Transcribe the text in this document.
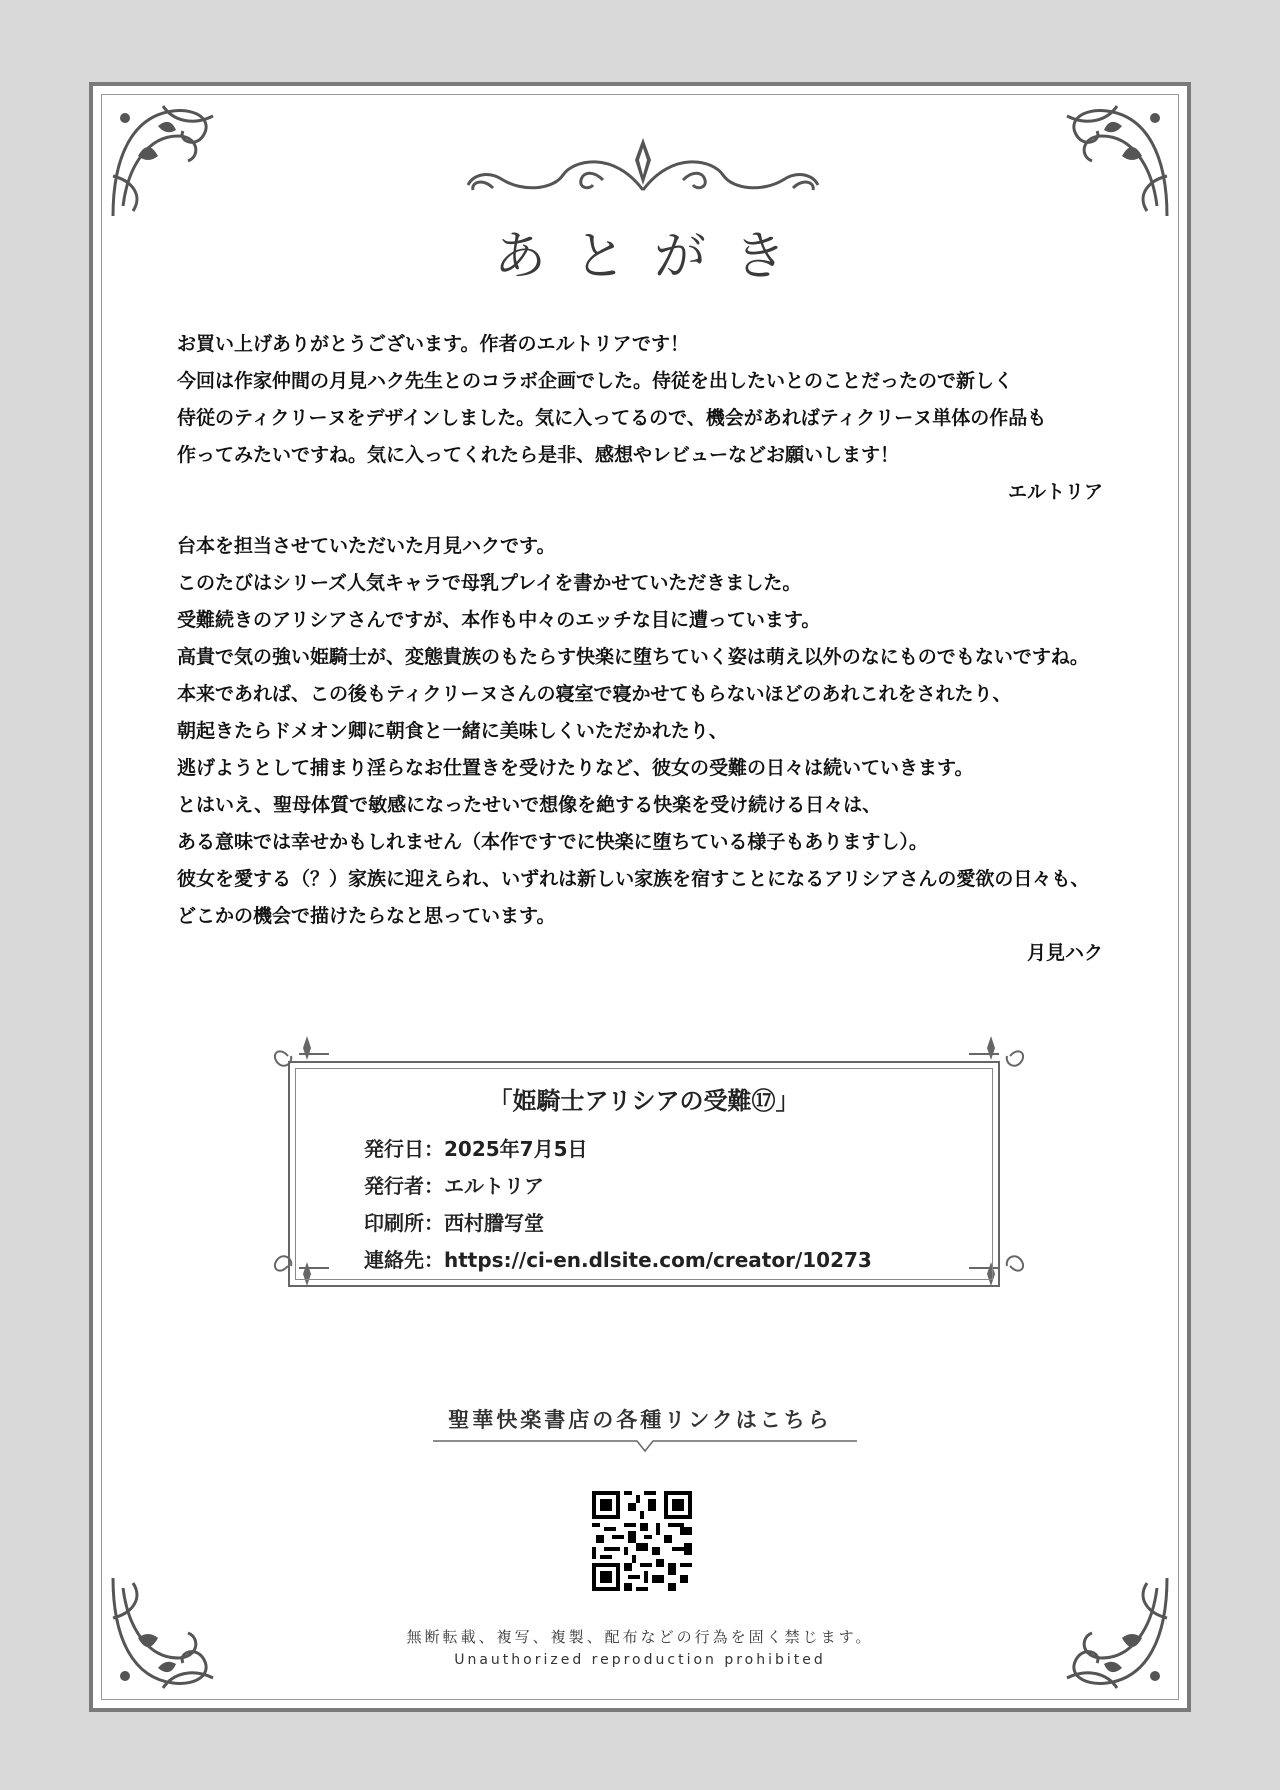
あとがき

お買い上げありがとうございます。作者のエルトリアです！

今回は作家仲間の月見ハク先生とのコラボ企画でした。侍従を出したいとのことだったので新しく

侍従のティクリーヌをデザインしました。気に入ってるので、機会があればティクリーヌ単体の作品も

作ってみたいですね。気に入ってくれたら是非、感想やレビューなどお願いします！

エルトリア

台本を担当させていただいた月見ハクです。

このたびはシリーズ人気キャラで母乳プレイを書かせていただきました。

受難続きのアリシアさんですが、本作も中々のエッチな目に遭っています。

高貴で気の強い姫騎士が、変態貴族のもたらす快楽に堕ちていく姿は萌え以外のなにものでもないですね。

本来であれば、この後もティクリーヌさんの寝室で寝かせてもらないほどのあれこれをされたり、

朝起きたらドメオン卿に朝食と一緒に美味しくいただかれたり、

逃げようとして捕まり淫らなお仕置きを受けたりなど、彼女の受難の日々は続いていきます。

とはいえ、聖母体質で敏感になったせいで想像を絶する快楽を受け続ける日々は、

ある意味では幸せかもしれません（本作ですでに快楽に堕ちている様子もありますし）。

彼女を愛する（？）家族に迎えられ、いずれは新しい家族を宿すことになるアリシアさんの愛欲の日々も、

どこかの機会で描けたらなと思っています。

月見ハク

「姫騎士アリシアの受難⑰」
発行日：2025年7月5日
発行者：エルトリア
印刷所：西村謄写堂
連絡先：https://ci-en.dlsite.com/creator/10273
聖華快楽書店の各種リンクはこちら
無断転載、複写、複製、配布などの行為を固く禁じます。
Unauthorized reproduction prohibited
